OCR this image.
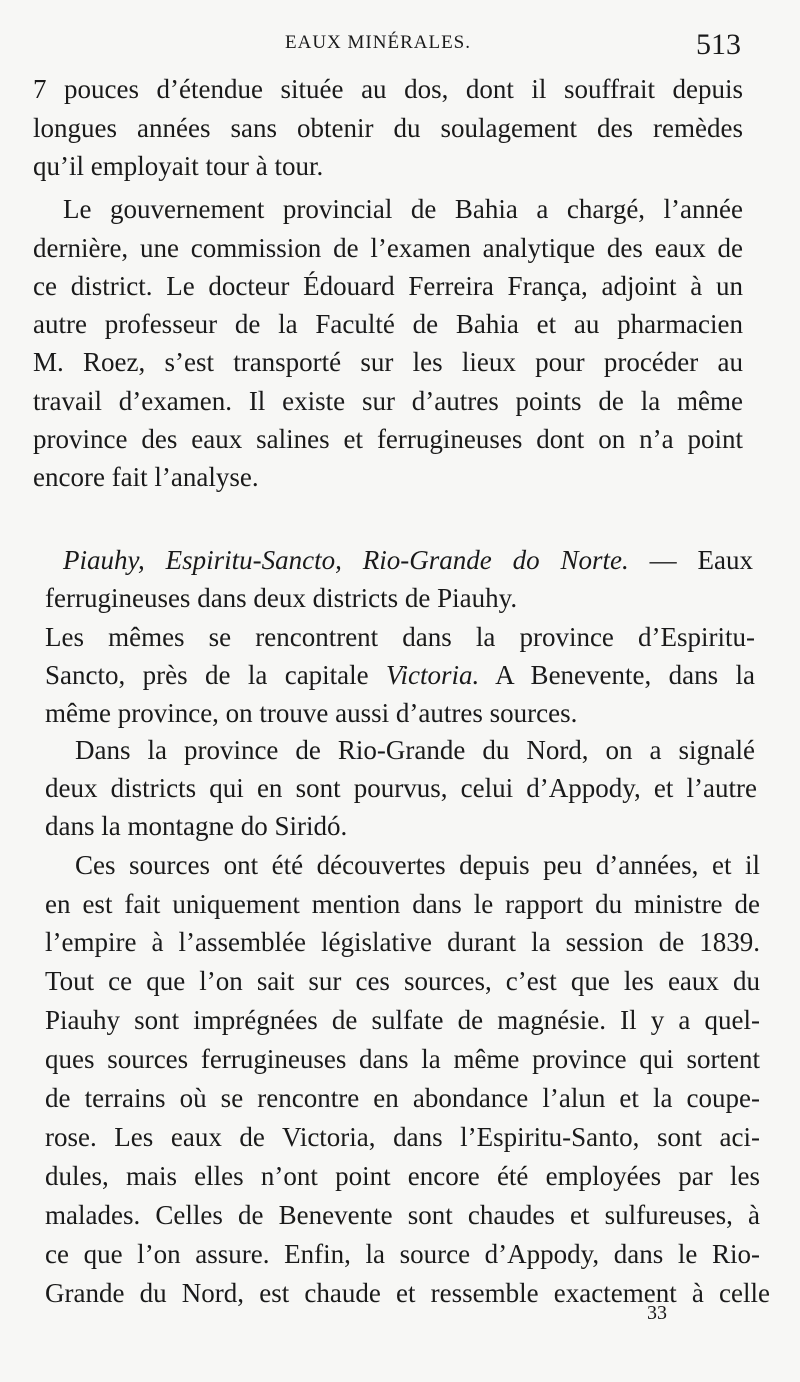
EAUX MINÉRALES.	513
7 pouces d’étendue située au dos, dont il souffrait depuis
longues années sans obtenir du soulagement des remèdes
qu’il employait tour à tour.
Le gouvernement provincial de Bahia a chargé, l’année
dernière, une commission de l’examen analytique des eaux de
ce district. Le docteur Édouard Ferreira França, adjoint à un
autre professeur de la Faculté de Bahia et au pharmacien
M. Roez, s’est transporté sur les lieux pour procéder au
travail d’examen. Il existe sur d’autres points de la même
province des eaux salines et ferrugineuses dont on n’a point
encore fait l’analyse.
Piauhy, Espiritu-Sancto, Rio-Grande do Norte. — Eaux
ferrugineuses dans deux districts de Piauhy.
Les mêmes se rencontrent dans la province d’Espiritu-
Sancto, près de la capitale Victoria. A Benevente, dans la
même province, on trouve aussi d’autres sources.
Dans la province de Rio-Grande du Nord, on a signalé
deux districts qui en sont pourvus, celui d’Appody, et l’autre
dans la montagne do Siridó.
Ces sources ont été découvertes depuis peu d’années, et il
en est fait uniquement mention dans le rapport du ministre de
l’empire à l’assemblée législative durant la session de 1839.
Tout ce que l’on sait sur ces sources, c’est que les eaux du
Piauhy sont imprégnées de sulfate de magnésie. Il y a quel-
ques sources ferrugineuses dans la même province qui sortent
de terrains où se rencontre en abondance l’alun et la coupe-
rose. Les eaux de Victoria, dans l’Espiritu-Santo, sont aci-
dules, mais elles n’ont point encore été employées par les
malades. Celles de Benevente sont chaudes et sulfureuses, à
ce que l’on assure. Enfin, la source d’Appody, dans le Rio-
Grande du Nord, est chaude et ressemble exactement à celle
33
